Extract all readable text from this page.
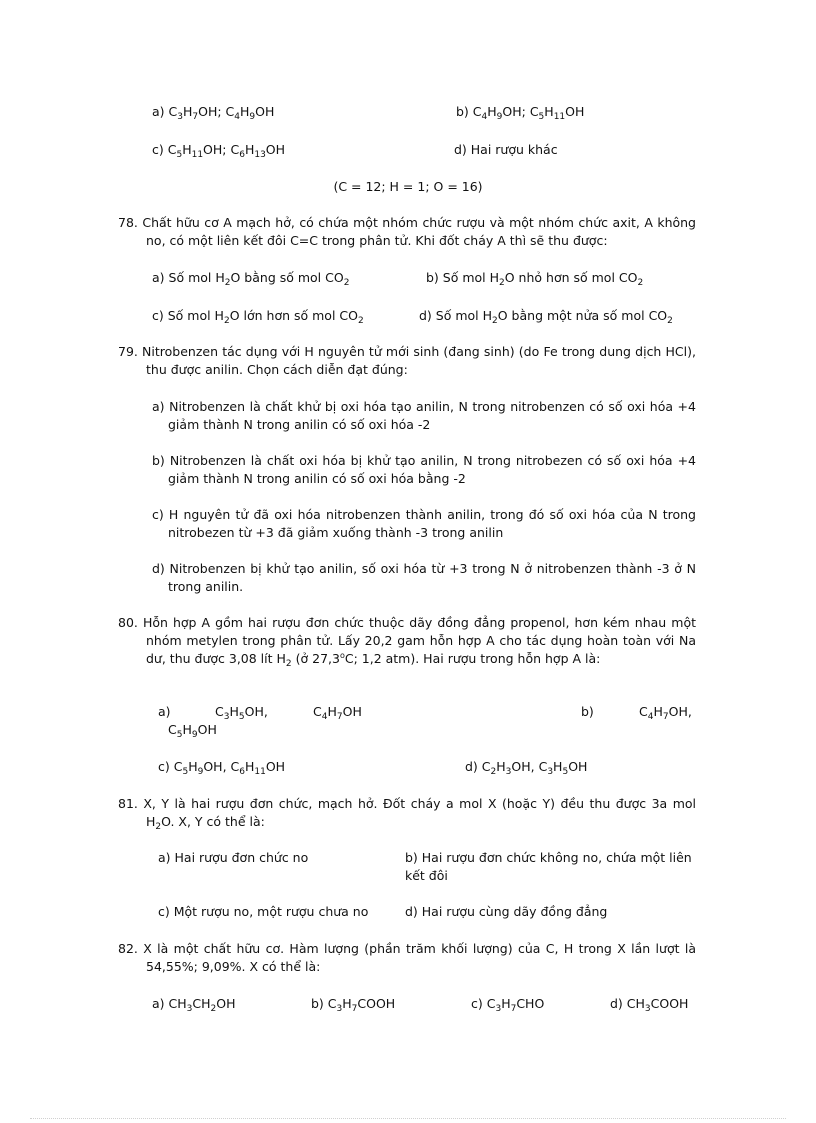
a) $C_3H_7OH$; $C_4H_9OH$	b) $C_4H_9OH$; $C_5H_{11}OH$
c) $C_5H_{11}OH$; $C_6H_{13}OH$	d) Hai rượu khác
(C = 12; H = 1; O = 16)
78. Chất hữu cơ A mạch hở, có chứa một nhóm chức rượu và một nhóm chức axit, A không no, có một liên kết đôi C=C trong phân tử. Khi đốt cháy A thì sẽ thu được:
a) Số mol $H_2O$ bằng số mol $CO_2$	b) Số mol $H_2O$ nhỏ hơn số mol $CO_2$
c) Số mol $H_2O$ lớn hơn số mol $CO_2$	d) Số mol $H_2O$ bằng một nửa số mol $CO_2$
79. Nitrobenzen tác dụng với H nguyên tử mới sinh (đang sinh) (do Fe trong dung dịch HCl), thu được anilin. Chọn cách diễn đạt đúng:
a) Nitrobenzen là chất khử bị oxi hóa tạo anilin, N trong nitrobenzen có số oxi hóa +4 giảm thành N trong anilin có số oxi hóa -2
b) Nitrobenzen là chất oxi hóa bị khử tạo anilin, N trong nitrobezen có số oxi hóa +4 giảm thành N trong anilin có số oxi hóa bằng -2
c) H nguyên tử đã oxi hóa nitrobenzen thành anilin, trong đó số oxi hóa của N trong nitrobezen từ +3 đã giảm xuống thành -3 trong anilin
d) Nitrobenzen bị khử tạo anilin, số oxi hóa từ +3 trong N ở nitrobenzen thành -3 ở N trong anilin.
80. Hỗn hợp A gồm hai rượu đơn chức thuộc dãy đồng đẳng propenol, hơn kém nhau một nhóm metylen trong phân tử. Lấy 20,2 gam hỗn hợp A cho tác dụng hoàn toàn với Na dư, thu được 3,08 lít $H_2$ (ở 27,3$^o$C; 1,2 atm). Hai rượu trong hỗn hợp A là:
a)	$C_3H_5OH$,	$C_4H_7OH$	b)	$C_4H_7OH$,
$C_5H_9OH$
c) $C_5H_9OH$, $C_6H_{11}OH$	d) $C_2H_3OH$, $C_3H_5OH$
81. X, Y là hai rượu đơn chức, mạch hở. Đốt cháy a mol X (hoặc Y) đều thu được 3a mol $H_2O$. X, Y có thể là:
a) Hai rượu đơn chức no	b) Hai rượu đơn chức không no, chứa một liên kết đôi
c) Một rượu no, một rượu chưa no	d) Hai rượu cùng dãy đồng đẳng
82. X là một chất hữu cơ. Hàm lượng (phần trăm khối lượng) của C, H trong X lần lượt là 54,55%; 9,09%. X có thể là:
a) $CH_3CH_2OH$	b) $C_3H_7COOH$	c) $C_3H_7CHO$	d) $CH_3COOH$
